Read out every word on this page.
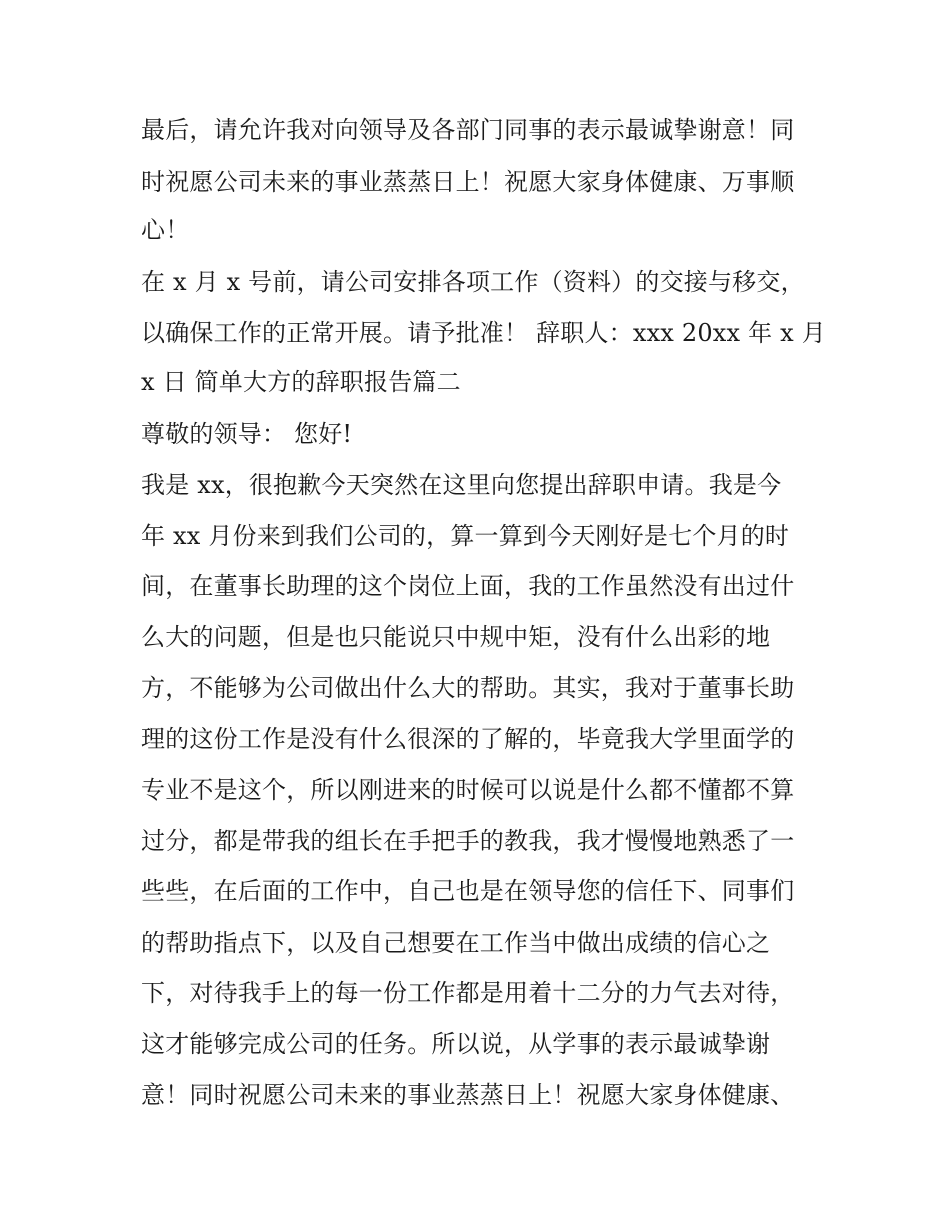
最后，请允许我对向领导及各部门同事的表示最诚挚谢意！同
时祝愿公司未来的事业蒸蒸日上！祝愿大家身体健康、万事顺
心！
在 x 月 x 号前，请公司安排各项工作（资料）的交接与移交，
以确保工作的正常开展。请予批准！ 辞职人：xxx 20xx 年 x 月
x 日 简单大方的辞职报告篇二
尊敬的领导： 您好!
我是 xx，很抱歉今天突然在这里向您提出辞职申请。我是今
年 xx 月份来到我们公司的，算一算到今天刚好是七个月的时
间，在董事长助理的这个岗位上面，我的工作虽然没有出过什
么大的问题，但是也只能说只中规中矩，没有什么出彩的地
方，不能够为公司做出什么大的帮助。其实，我对于董事长助
理的这份工作是没有什么很深的了解的，毕竟我大学里面学的
专业不是这个，所以刚进来的时候可以说是什么都不懂都不算
过分，都是带我的组长在手把手的教我，我才慢慢地熟悉了一
些些，在后面的工作中，自己也是在领导您的信任下、同事们
的帮助指点下，以及自己想要在工作当中做出成绩的信心之
下，对待我手上的每一份工作都是用着十二分的力气去对待，
这才能够完成公司的任务。所以说，从学事的表示最诚挚谢
意！同时祝愿公司未来的事业蒸蒸日上！祝愿大家身体健康、
